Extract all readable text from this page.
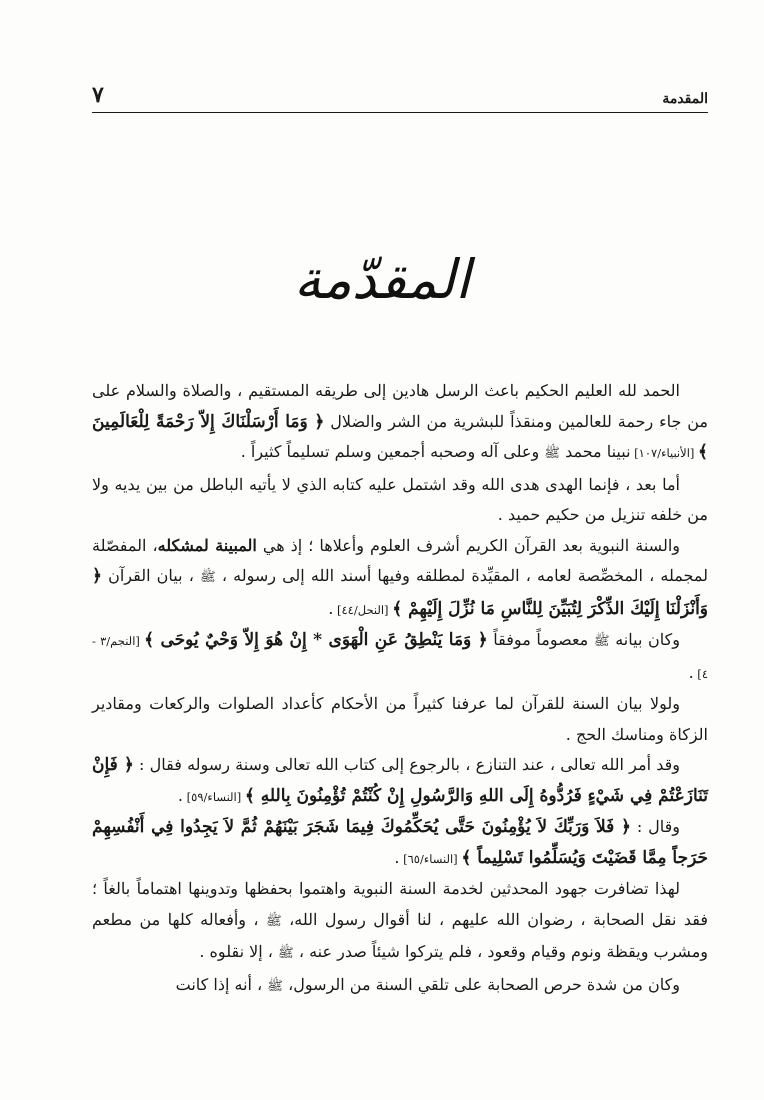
٧	المقدمة
المقدّمة

الحمد لله العليم الحكيم باعث الرسل هادين إلى طريقه المستقيم ، والصلاة والسلام على من جاء رحمة للعالمين ومنقذاً للبشرية من الشر والضلال ﴿ وَمَا أَرْسَلْنَاكَ إِلاّ رَحْمَةً لِلْعَالَمِينَ ﴾ [الأنبياء/١٠٧] نبينا محمد ﷺ وعلى آله وصحبه أجمعين وسلم تسليماً كثيراً .

أما بعد ، فإنما الهدى هدى الله وقد اشتمل عليه كتابه الذي لا يأتيه الباطل من بين يديه ولا من خلفه تنزيل من حكيم حميد .

والسنة النبوية بعد القرآن الكريم أشرف العلوم وأعلاها ؛ إذ هي المبينة لمشكله، المفصّلة لمجمله ، المخصِّصة لعامه ، المقيِّدة لمطلقه وفيها أسند الله إلى رسوله ، ﷺ ، بيان القرآن ﴿ وَأَنْزَلْنَا إِلَيْكَ الذِّكْرَ لِتُبَيِّنَ لِلنَّاسِ مَا نُزِّلَ إِلَيْهِمْ ﴾ [النحل/٤٤] .

وكان بيانه ﷺ معصوماً موفقاً ﴿ وَمَا يَنْطِقُ عَنِ الْهَوَى * إِنْ هُوَ إِلاّ وَحْيٌ يُوحَى ﴾ [النجم/٣ - ٤] .

ولولا بيان السنة للقرآن لما عرفنا كثيراً من الأحكام كأعداد الصلوات والركعات ومقادير الزكاة ومناسك الحج .

وقد أمر الله تعالى ، عند التنازع ، بالرجوع إلى كتاب الله تعالى وسنة رسوله فقال : ﴿ فَإِنْ تَنَازَعْتُمْ فِي شَيْءٍ فَرُدُّوهُ إِلَى اللهِ وَالرَّسُولِ إِنْ كُنْتُمْ تُؤْمِنُونَ بِاللهِ ﴾ [النساء/٥٩] .

وقال : ﴿ فَلاَ وَرَبِّكَ لاَ يُؤْمِنُونَ حَتَّى يُحَكِّمُوكَ فِيمَا شَجَرَ بَيْنَهُمْ ثُمَّ لاَ يَجِدُوا فِي أَنْفُسِهِمْ حَرَجاً مِمَّا قَضَيْتَ وَيُسَلِّمُوا تَسْلِيماً ﴾ [النساء/٦٥] .

لهذا تضافرت جهود المحدثين لخدمة السنة النبوية واهتموا بحفظها وتدوينها اهتماماً بالغاً ؛ فقد نقل الصحابة ، رضوان الله عليهم ، لنا أقوال رسول الله، ﷺ ، وأفعاله كلها من مطعم ومشرب ويقظة ونوم وقيام وقعود ، فلم يتركوا شيئاً صدر عنه ، ﷺ ، إلا نقلوه .

وكان من شدة حرص الصحابة على تلقي السنة من الرسول، ﷺ ، أنه إذا كانت
